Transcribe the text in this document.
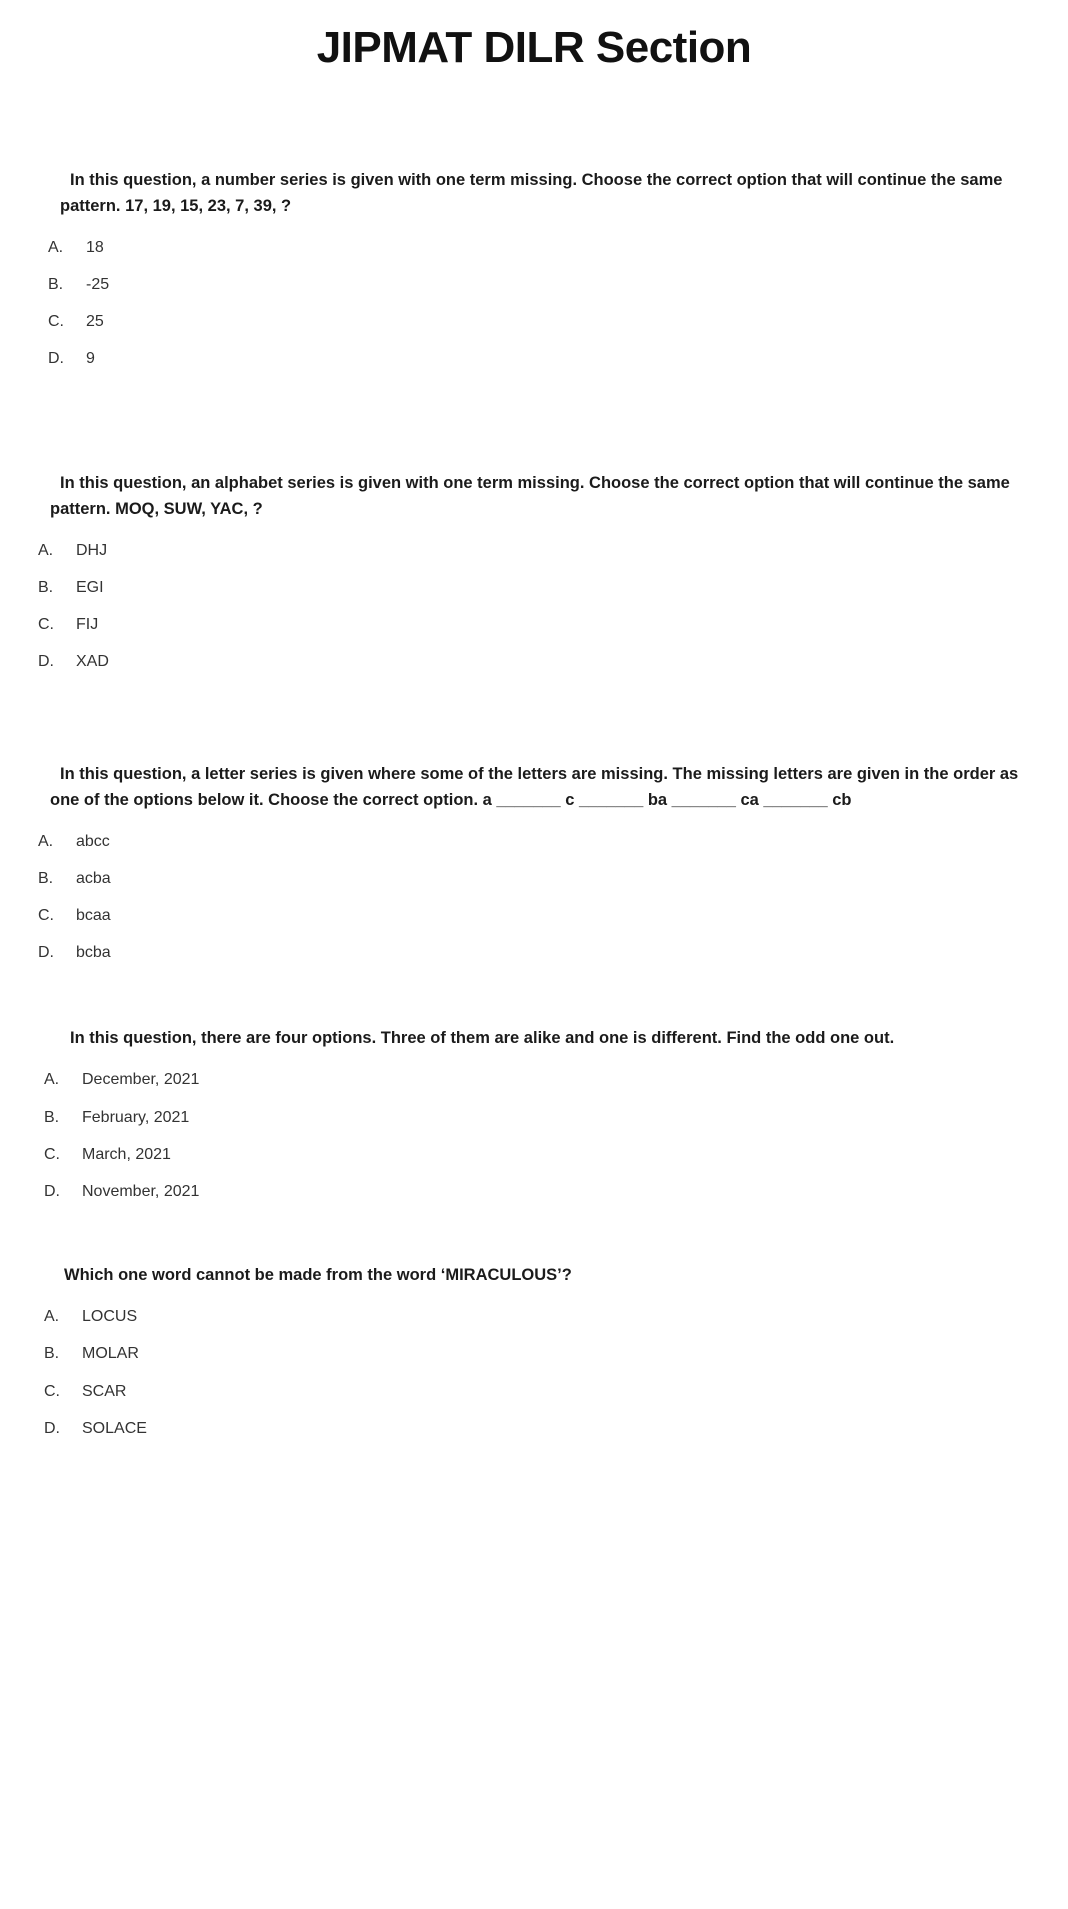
JIPMAT DILR Section

In this question, a number series is given with one term missing. Choose the correct option that will continue the same pattern. 17, 19, 15, 23, 7, 39, ?

A.	18
B.	-25
C.	25
D.	9

In this question, an alphabet series is given with one term missing. Choose the correct option that will continue the same pattern. MOQ, SUW, YAC, ?

A.	DHJ
B.	EGI
C.	FIJ
D.	XAD

In this question, a letter series is given where some of the letters are missing. The missing letters are given in the order as one of the options below it. Choose the correct option. a _______ c _______ ba _______ ca _______ cb

A.	abcc
B.	acba
C.	bcaa
D.	bcba

In this question, there are four options. Three of them are alike and one is different. Find the odd one out.

A.	December, 2021
B.	February, 2021
C.	March, 2021
D.	November, 2021

Which one word cannot be made from the word ‘MIRACULOUS’?

A.	LOCUS
B.	MOLAR
C.	SCAR
D.	SOLACE
